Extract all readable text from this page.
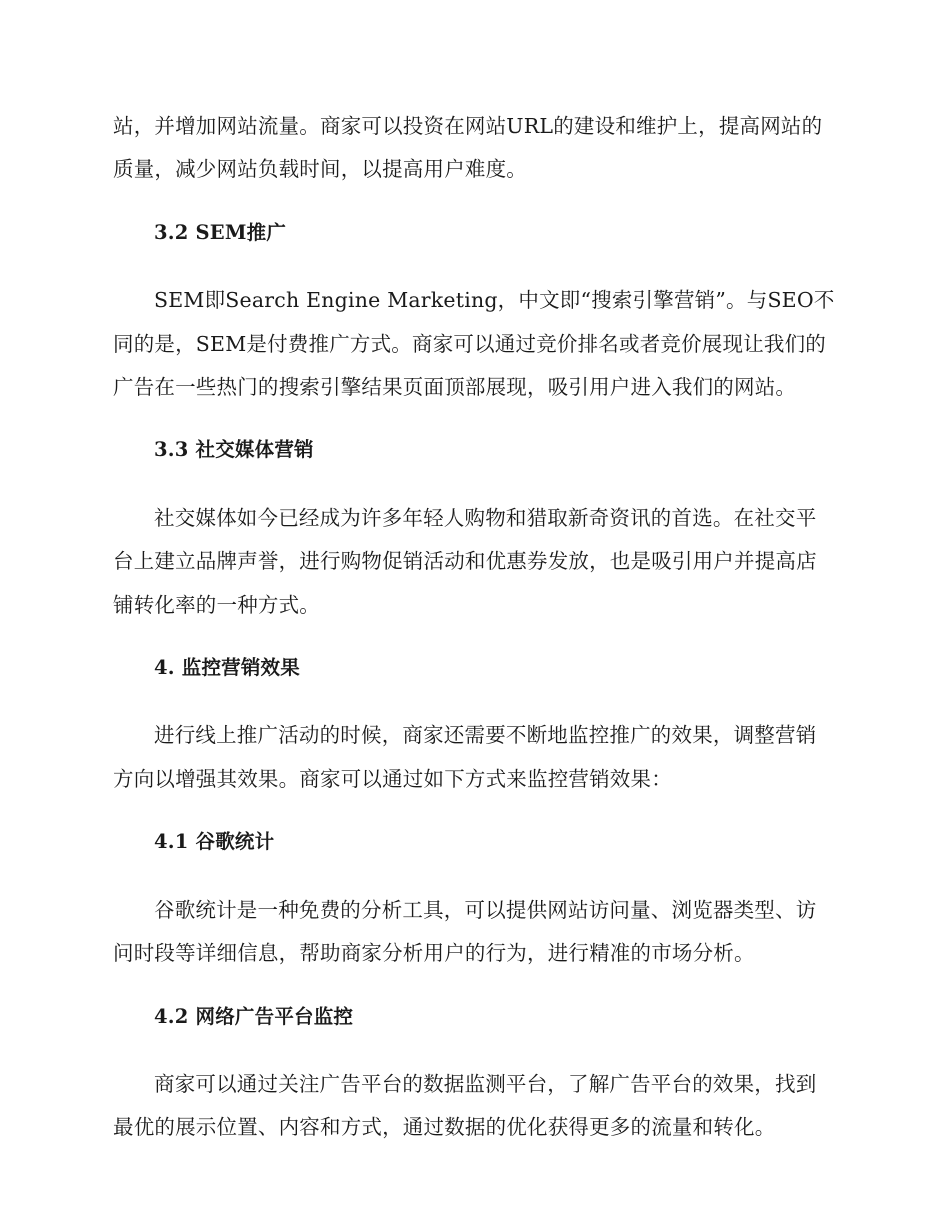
站，并增加网站流量。商家可以投资在网站URL的建设和维护上，提高网站的质量，减少网站负载时间，以提高用户难度。

3.2 SEM推广

SEM即Search Engine Marketing，中文即“搜索引擎营销”。与SEO不同的是，SEM是付费推广方式。商家可以通过竞价排名或者竞价展现让我们的广告在一些热门的搜索引擎结果页面顶部展现，吸引用户进入我们的网站。

3.3 社交媒体营销

社交媒体如今已经成为许多年轻人购物和猎取新奇资讯的首选。在社交平台上建立品牌声誉，进行购物促销活动和优惠券发放，也是吸引用户并提高店铺转化率的一种方式。

4. 监控营销效果

进行线上推广活动的时候，商家还需要不断地监控推广的效果，调整营销方向以增强其效果。商家可以通过如下方式来监控营销效果：

4.1 谷歌统计

谷歌统计是一种免费的分析工具，可以提供网站访问量、浏览器类型、访问时段等详细信息，帮助商家分析用户的行为，进行精准的市场分析。

4.2 网络广告平台监控

商家可以通过关注广告平台的数据监测平台，了解广告平台的效果，找到最优的展示位置、内容和方式，通过数据的优化获得更多的流量和转化。
